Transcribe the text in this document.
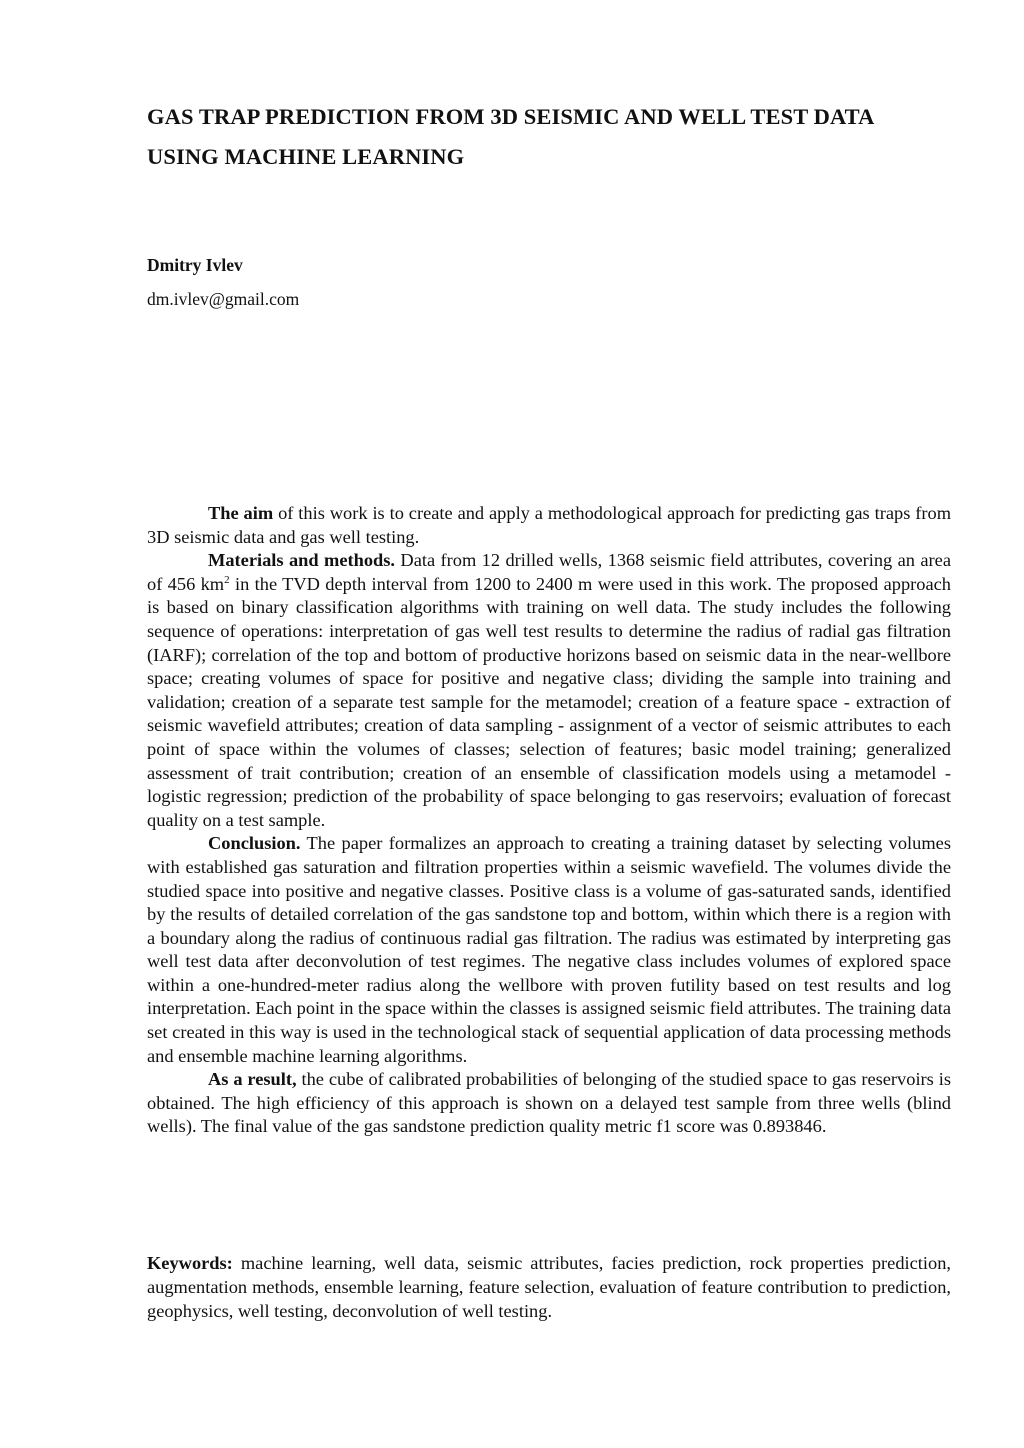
GAS TRAP PREDICTION FROM 3D SEISMIC AND WELL TEST DATA
USING MACHINE LEARNING

Dmitry Ivlev

dm.ivlev@gmail.com

The aim of this work is to create and apply a methodological approach for predicting gas traps from 3D seismic data and gas well testing.

Materials and methods. Data from 12 drilled wells, 1368 seismic field attributes, covering an area of 456 $km^2$ in the TVD depth interval from 1200 to 2400 m were used in this work. The proposed approach is based on binary classification algorithms with training on well data. The study includes the following sequence of operations: interpretation of gas well test results to determine the radius of radial gas filtration (IARF); correlation of the top and bottom of productive horizons based on seismic data in the near-wellbore space; creating volumes of space for positive and negative class; dividing the sample into training and validation; creation of a separate test sample for the metamodel; creation of a feature space - extraction of seismic wavefield attributes; creation of data sampling - assignment of a vector of seismic attributes to each point of space within the volumes of classes; selection of features; basic model training; generalized assessment of trait contribution; creation of an ensemble of classification models using a metamodel - logistic regression; prediction of the probability of space belonging to gas reservoirs; evaluation of forecast quality on a test sample.

Conclusion. The paper formalizes an approach to creating a training dataset by selecting volumes with established gas saturation and filtration properties within a seismic wavefield. The volumes divide the studied space into positive and negative classes. Positive class is a volume of gas-saturated sands, identified by the results of detailed correlation of the gas sandstone top and bottom, within which there is a region with a boundary along the radius of continuous radial gas filtration. The radius was estimated by interpreting gas well test data after deconvolution of test regimes. The negative class includes volumes of explored space within a one-hundred-meter radius along the wellbore with proven futility based on test results and log interpretation. Each point in the space within the classes is assigned seismic field attributes. The training data set created in this way is used in the technological stack of sequential application of data processing methods and ensemble machine learning algorithms.

As a result, the cube of calibrated probabilities of belonging of the studied space to gas reservoirs is obtained. The high efficiency of this approach is shown on a delayed test sample from three wells (blind wells). The final value of the gas sandstone prediction quality metric f1 score was 0.893846.

Keywords: machine learning, well data, seismic attributes, facies prediction, rock properties prediction, augmentation methods, ensemble learning, feature selection, evaluation of feature contribution to prediction, geophysics, well testing, deconvolution of well testing.
